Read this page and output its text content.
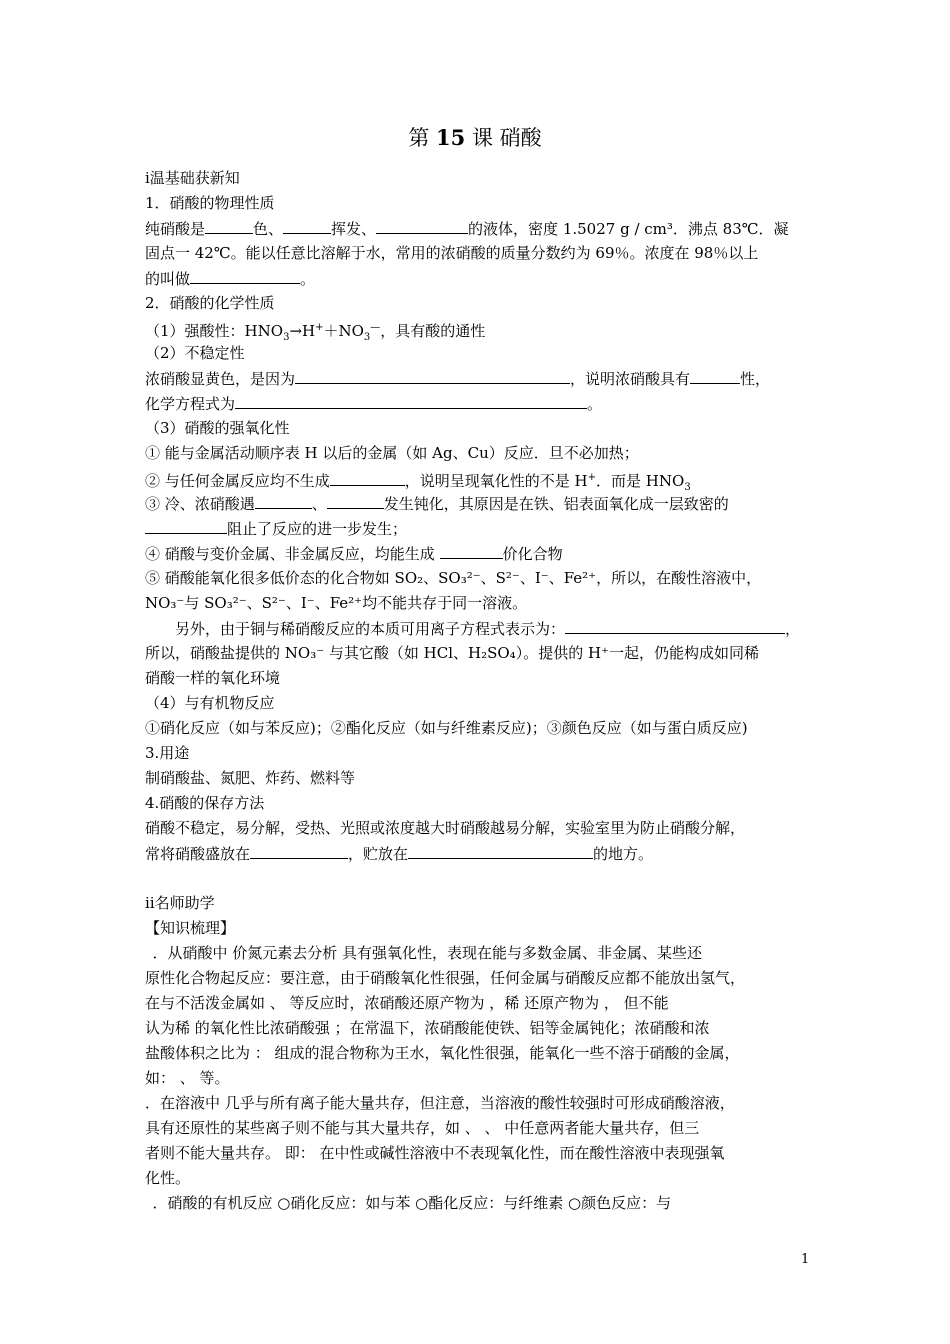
第 15 课 硝酸
ⅰ温基础获新知
1．硝酸的物理性质
纯硝酸是	色、	挥发、	的液体，密度 1.5027 g / cm³．沸点 83℃．凝
固点一 42℃。能以任意比溶解于水，常用的浓硝酸的质量分数约为 69％。浓度在 98％以上
的叫做	。
2．硝酸的化学性质
（1）强酸性：$HNO_3\to H^++NO_3^—$，具有酸的通性
（2）不稳定性
浓硝酸显黄色，是因为	，说明浓硝酸具有	性，
化学方程式为	。
（3）硝酸的强氧化性
① 能与金属活动顺序表 H 以后的金属（如 Ag、Cu）反应．旦不必加热；
② 与任何金属反应均不生成	，说明呈现氧化性的不是 H+．而是 $HNO_3$
③ 冷、浓硝酸遇	、	发生钝化，其原因是在铁、铝表面氧化成一层致密的
阻止了反应的进一步发生；
④ 硝酸与变价金属、非金属反应，均能生成	价化合物
⑤ 硝酸能氧化很多低价态的化合物如 SO₂、SO₃²⁻、S²⁻、I⁻、Fe²⁺，所以，在酸性溶液中，
NO₃⁻与 SO₃²⁻、S²⁻、I⁻、Fe²⁺均不能共存于同一溶液。
　　另外，由于铜与稀硝酸反应的本质可用离子方程式表示为：	，
所以，硝酸盐提供的 NO₃⁻ 与其它酸（如 HCl、H₂SO₄）。提供的 H⁺一起，仍能构成如同稀
硝酸一样的氧化环境
（4）与有机物反应
①硝化反应（如与苯反应)；②酯化反应（如与纤维素反应)；③颜色反应（如与蛋白质反应)
3.用途
制硝酸盐、氮肥、炸药、燃料等
4.硝酸的保存方法
硝酸不稳定，易分解，受热、光照或浓度越大时硝酸越易分解，实验室里为防止硝酸分解，
常将硝酸盛放在	，贮放在	的地方。
ⅱ名师助学
【知识梳理】
 ．从硝酸中 价氮元素去分析 具有强氧化性，表现在能与多数金属、非金属、某些还
原性化合物起反应：要注意，由于硝酸氧化性很强，任何金属与硝酸反应都不能放出氢气，
在与不活泼金属如 、 等反应时，浓硝酸还原产物为 ，稀 还原产物为 ， 但不能
认为稀 的氧化性比浓硝酸强 ；在常温下，浓硝酸能使铁、铝等金属钝化；浓硝酸和浓
盐酸体积之比为 ： 组成的混合物称为王水，氧化性很强，能氧化一些不溶于硝酸的金属，
如： 、 等。
．在溶液中 几乎与所有离子能大量共存，但注意，当溶液的酸性较强时可形成硝酸溶液，
具有还原性的某些离子则不能与其大量共存，如 、 、 中任意两者能大量共存，但三
者则不能大量共存。 即： 在中性或碱性溶液中不表现氧化性，而在酸性溶液中表现强氧
化性。
 ．硝酸的有机反应 ○硝化反应：如与苯 ○酯化反应：与纤维素 ○颜色反应：与
1
